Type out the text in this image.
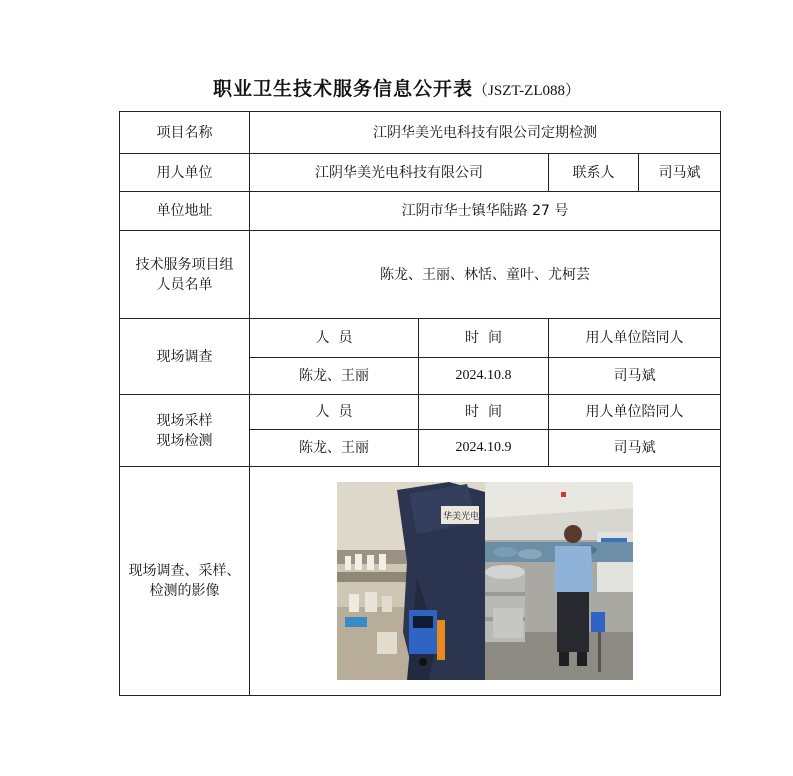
职业卫生技术服务信息公开表（JSZT-ZL088）
项目名称	江阴华美光电科技有限公司定期检测			
用人单位	江阴华美光电科技有限公司		联系人	司马斌
单位地址	江阴市华士镇华陆路 27 号			

技术服务项目组
人员名单	陈龙、王丽、林恬、童叶、尤柯芸			
现场调查	人  员	时  间	用人单位陪同人	
	陈龙、王丽	2024.10.8	司马斌	

现场采样
现场检测	人  员	时  间	用人单位陪同人	
	陈龙、王丽	2024.10.9	司马斌	

现场调查、采样、
检测的影像	华美光电			
